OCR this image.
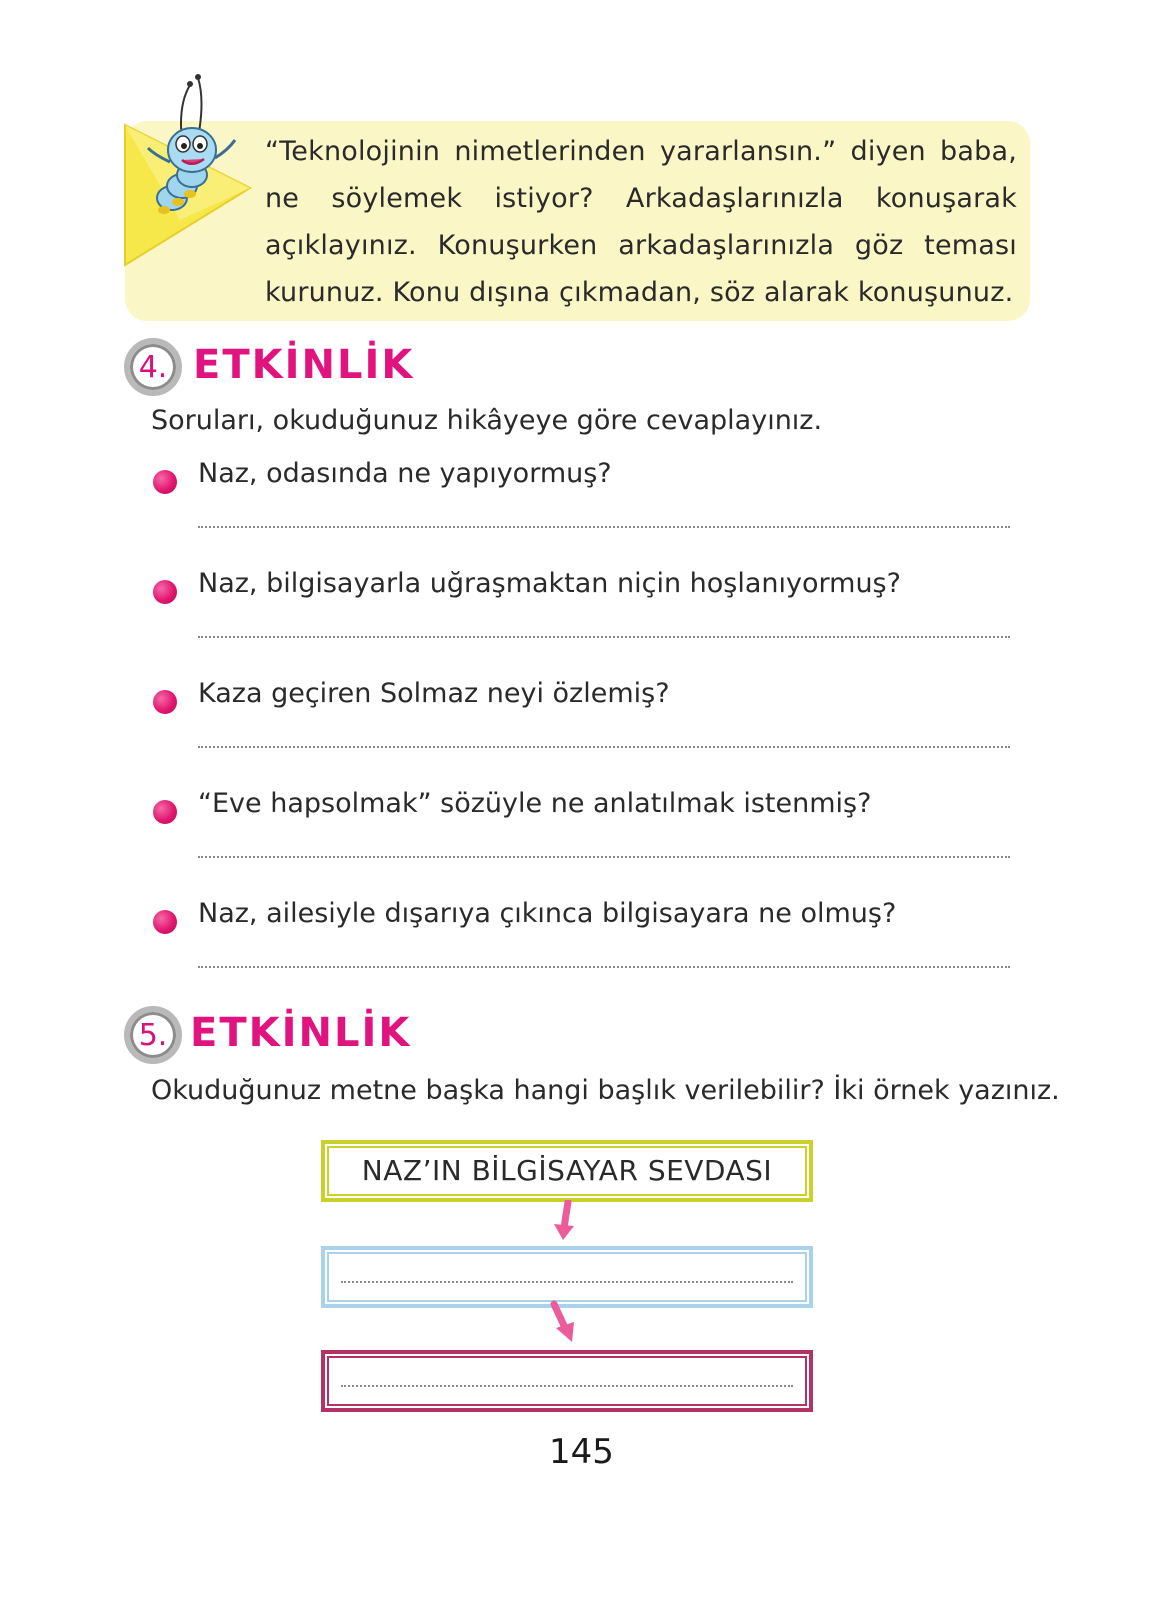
“Teknolojinin nimetlerinden yararlansın.” diyen baba, ne söylemek istiyor? Arkadaşlarınızla konuşarak açıklayınız. Konuşurken arkadaşlarınızla göz teması kurunuz. Konu dışına çıkmadan, söz alarak konuşunuz.
4. ETKİNLİK
Soruları, okuduğunuz hikâyeye göre cevaplayınız.
Naz, odasında ne yapıyormuş?
Naz, bilgisayarla uğraşmaktan niçin hoşlanıyormuş?
Kaza geçiren Solmaz neyi özlemiş?
“Eve hapsolmak” sözüyle ne anlatılmak istenmiş?
Naz, ailesiyle dışarıya çıkınca bilgisayara ne olmuş?
5. ETKİNLİK
Okuduğunuz metne başka hangi başlık verilebilir? İki örnek yazınız.
NAZ’IN BİLGİSAYAR SEVDASI
145
